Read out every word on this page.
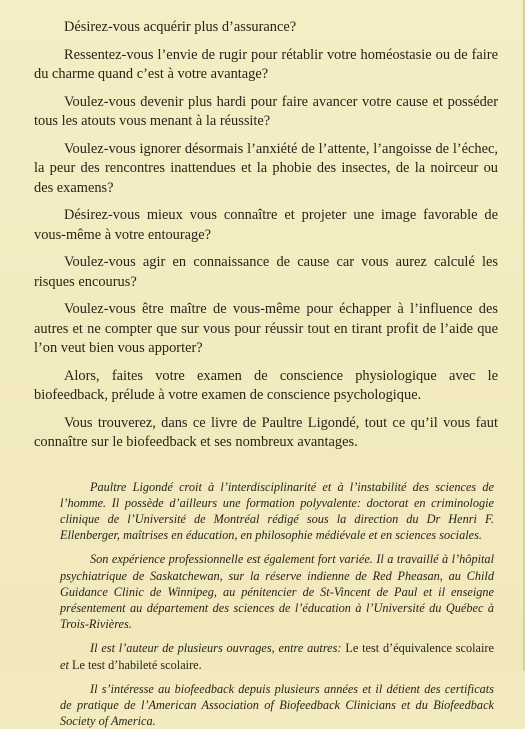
Désirez-vous acquérir plus d’assurance?

Ressentez-vous l’envie de rugir pour rétablir votre homéostasie ou de faire du charme quand c’est à votre avantage?

Voulez-vous devenir plus hardi pour faire avancer votre cause et posséder tous les atouts vous menant à la réussite?

Voulez-vous ignorer désormais l’anxiété de l’attente, l’angoisse de l’échec, la peur des rencontres inattendues et la phobie des insectes, de la noirceur ou des examens?

Désirez-vous mieux vous connaître et projeter une image favorable de vous-même à votre entourage?

Voulez-vous agir en connaissance de cause car vous aurez calculé les risques encourus?

Voulez-vous être maître de vous-même pour échapper à l’influence des autres et ne compter que sur vous pour réussir tout en tirant profit de l’aide que l’on veut bien vous apporter?

Alors, faites votre examen de conscience physiologique avec le biofeedback, prélude à votre examen de conscience psychologique.

Vous trouverez, dans ce livre de Paultre Ligondé, tout ce qu’il vous faut connaître sur le biofeedback et ses nombreux avantages.

Paultre Ligondé croit à l’interdisciplinarité et à l’instabilité des sciences de l’homme. Il possède d’ailleurs une formation polyvalente: doctorat en criminologie clinique de l’Université de Montréal rédigé sous la direction du Dr Henri F. Ellenberger, maîtrises en éducation, en philosophie médiévale et en sciences sociales.

Son expérience professionnelle est également fort variée. Il a travaillé à l’hôpital psychiatrique de Saskatchewan, sur la réserve indienne de Red Pheasan, au Child Guidance Clinic de Winnipeg, au pénitencier de St-Vincent de Paul et il enseigne présentement au département des sciences de l’éducation à l’Université du Québec à Trois-Rivières.

Il est l’auteur de plusieurs ouvrages, entre autres: Le test d’équivalence scolaire et Le test d’habileté scolaire.

Il s’intéresse au biofeedback depuis plusieurs années et il détient des certificats de pratique de l’American Association of Biofeedback Clinicians et du Biofeedback Society of America.
